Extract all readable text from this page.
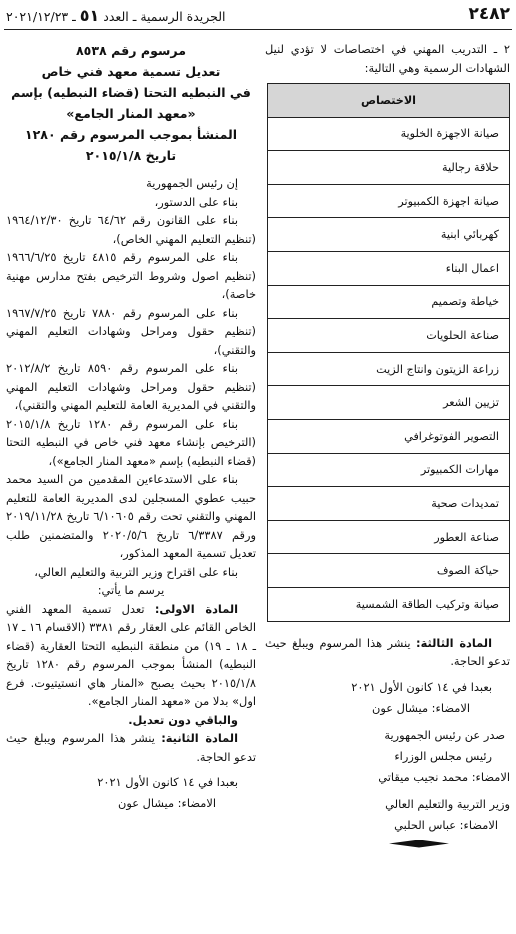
٢٤٨٢
الجريدة الرسمية ـ العدد ٥١ ـ ٢٠٢١/١٢/٢٣

٢ ـ التدريب المهني في اختصاصات لا تؤدي لنيل الشهادات الرسمية وهي التالية:

الاختصاص
صيانة الاجهزة الخلوية
حلاقة رجالية
صيانة اجهزة الكمبيوتر
كهربائي ابنية
اعمال البناء
خياطة وتصميم
صناعة الحلويات
زراعة الزيتون وانتاج الزيت
تزيين الشعر
التصوير الفوتوغرافي
مهارات الكمبيوتر
تمديدات صحية
صناعة العطور
حياكة الصوف
صيانة وتركيب الطاقة الشمسية

المادة الثالثة: ينشر هذا المرسوم ويبلغ حيث تدعو الحاجة.

بعبدا في ١٤ كانون الأول ٢٠٢١
الامضاء: ميشال عون
صدر عن رئيس الجمهورية
رئيس مجلس الوزراء
الامضاء: محمد نجيب ميقاتي
وزير التربية والتعليم العالي
الامضاء: عباس الحلبي
مرسوم رقم ٨٥٣٨
تعديل تسمية معهد فني خاص
في النبطيه التحتا (قضاء النبطيه) بإسم
«معهد المنار الجامع»
المنشأ بموجب المرسوم رقم ١٢٨٠
تاريخ ٢٠١٥/١/٨

إن رئيس الجمهورية

بناء على الدستور،

بناء على القانون رقم ٦٤/٦٢ تاريخ ١٩٦٤/١٢/٣٠ (تنظيم التعليم المهني الخاص)،

بناء على المرسوم رقم ٤٨١٥ تاريخ ١٩٦٦/٦/٢٥ (تنظيم اصول وشروط الترخيص بفتح مدارس مهنية خاصة)،

بناء على المرسوم رقم ٧٨٨٠ تاريخ ١٩٦٧/٧/٢٥ (تنظيم حقول ومراحل وشهادات التعليم المهني والتقني)،

بناء على المرسوم رقم ٨٥٩٠ تاريخ ٢٠١٢/٨/٢ (تنظيم حقول ومراحل وشهادات التعليم المهني والتقني في المديرية العامة للتعليم المهني والتقني)،

بناء على المرسوم رقم ١٢٨٠ تاريخ ٢٠١٥/١/٨ (الترخيص بإنشاء معهد فني خاص في النبطيه التحتا (قضاء النبطيه) بإسم «معهد المنار الجامع»)،

بناء على الاستدعاءين المقدمين من السيد محمد حبيب عطوي المسجلين لدى المديرية العامة للتعليم المهني والتقني تحت رقم ٦/١٠٦٠٥ تاريخ ٢٠١٩/١١/٢٨ ورقم ٦/٣٣٨٧ تاريخ ٢٠٢٠/٥/٦ والمتضمنين طلب تعديل تسمية المعهد المذكور،

بناء على اقتراح وزير التربية والتعليم العالي،

يرسم ما يأتي:

المادة الاولى: تعدل تسمية المعهد الفني الخاص القائم على العقار رقم ٣٣٨١ (الاقسام ١٦ ـ ١٧ ـ ١٨ ـ ١٩) من منطقة النبطيه التحتا العقارية (قضاء النبطيه) المنشأ بموجب المرسوم رقم ١٢٨٠ تاريخ ٢٠١٥/١/٨ بحيث يصبح «المنار هاي انستيتيوت. فرع اول» بدلا من «معهد المنار الجامع».

والباقي دون تعديل.

المادة الثانية: ينشر هذا المرسوم ويبلغ حيث تدعو الحاجة.

بعبدا في ١٤ كانون الأول ٢٠٢١
الامضاء: ميشال عون
